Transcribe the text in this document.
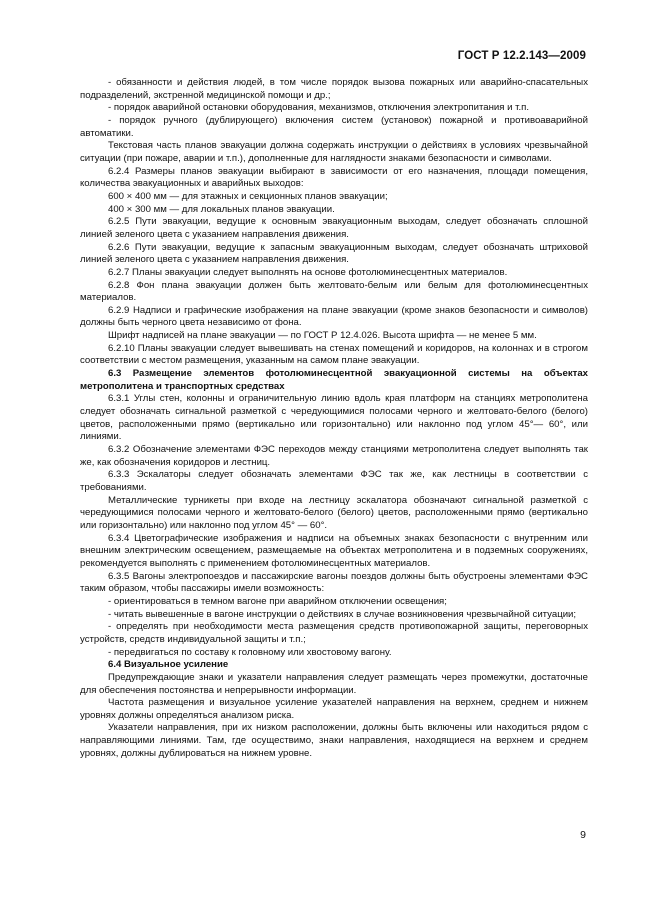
ГОСТ Р 12.2.143—2009

- обязанности и действия людей, в том числе порядок вызова пожарных или аварийно-спасательных подразделений, экстренной медицинской помощи и др.;

- порядок аварийной остановки оборудования, механизмов, отключения электропитания и т.п.

- порядок ручного (дублирующего) включения систем (установок) пожарной и противоаварийной автоматики.

Текстовая часть планов эвакуации должна содержать инструкции о действиях в условиях чрезвычайной ситуации (при пожаре, аварии и т.п.), дополненные для наглядности знаками безопасности и символами.

6.2.4 Размеры планов эвакуации выбирают в зависимости от его назначения, площади помещения, количества эвакуационных и аварийных выходов:

600 × 400 мм — для этажных и секционных планов эвакуации;

400 × 300 мм — для локальных планов эвакуации.

6.2.5 Пути эвакуации, ведущие к основным эвакуационным выходам, следует обозначать сплошной линией зеленого цвета с указанием направления движения.

6.2.6 Пути эвакуации, ведущие к запасным эвакуационным выходам, следует обозначать штриховой линией зеленого цвета с указанием направления движения.

6.2.7 Планы эвакуации следует выполнять на основе фотолюминесцентных материалов.

6.2.8 Фон плана эвакуации должен быть желтовато-белым или белым для фотолюминесцентных материалов.

6.2.9 Надписи и графические изображения на плане эвакуации (кроме знаков безопасности и символов) должны быть черного цвета независимо от фона.

Шрифт надписей на плане эвакуации — по ГОСТ Р 12.4.026. Высота шрифта — не менее 5 мм.

6.2.10 Планы эвакуации следует вывешивать на стенах помещений и коридоров, на колоннах и в строгом соответствии с местом размещения, указанным на самом плане эвакуации.

6.3 Размещение элементов фотолюминесцентной эвакуационной системы на объектах метрополитена и транспортных средствах

6.3.1 Углы стен, колонны и ограничительную линию вдоль края платформ на станциях метрополитена следует обозначать сигнальной разметкой с чередующимися полосами черного и желтовато-белого (белого) цветов, расположенными прямо (вертикально или горизонтально) или наклонно под углом 45°— 60°, или линиями.

6.3.2 Обозначение элементами ФЭС переходов между станциями метрополитена следует выполнять так же, как обозначения коридоров и лестниц.

6.3.3 Эскалаторы следует обозначать элементами ФЭС так же, как лестницы в соответствии с требованиями.

Металлические турникеты при входе на лестницу эскалатора обозначают сигнальной разметкой с чередующимися полосами черного и желтовато-белого (белого) цветов, расположенными прямо (вертикально или горизонтально) или наклонно под углом 45° — 60°.

6.3.4 Цветографические изображения и надписи на объемных знаках безопасности с внутренним или внешним электрическим освещением, размещаемые на объектах метрополитена и в подземных сооружениях, рекомендуется выполнять с применением фотолюминесцентных материалов.

6.3.5 Вагоны электропоездов и пассажирские вагоны поездов должны быть обустроены элементами ФЭС таким образом, чтобы пассажиры имели возможность:

- ориентироваться в темном вагоне при аварийном отключении освещения;

- читать вывешенные в вагоне инструкции о действиях в случае возникновения чрезвычайной ситуации;

- определять при необходимости места размещения средств противопожарной защиты, переговорных устройств, средств индивидуальной защиты и т.п.;

- передвигаться по составу к головному или хвостовому вагону.

6.4 Визуальное усиление

Предупреждающие знаки и указатели направления следует размещать через промежутки, достаточные для обеспечения постоянства и непрерывности информации.

Частота размещения и визуальное усиление указателей направления на верхнем, среднем и нижнем уровнях должны определяться анализом риска.

Указатели направления, при их низком расположении, должны быть включены или находиться рядом с направляющими линиями. Там, где осуществимо, знаки направления, находящиеся на верхнем и среднем уровнях, должны дублироваться на нижнем уровне.

9
